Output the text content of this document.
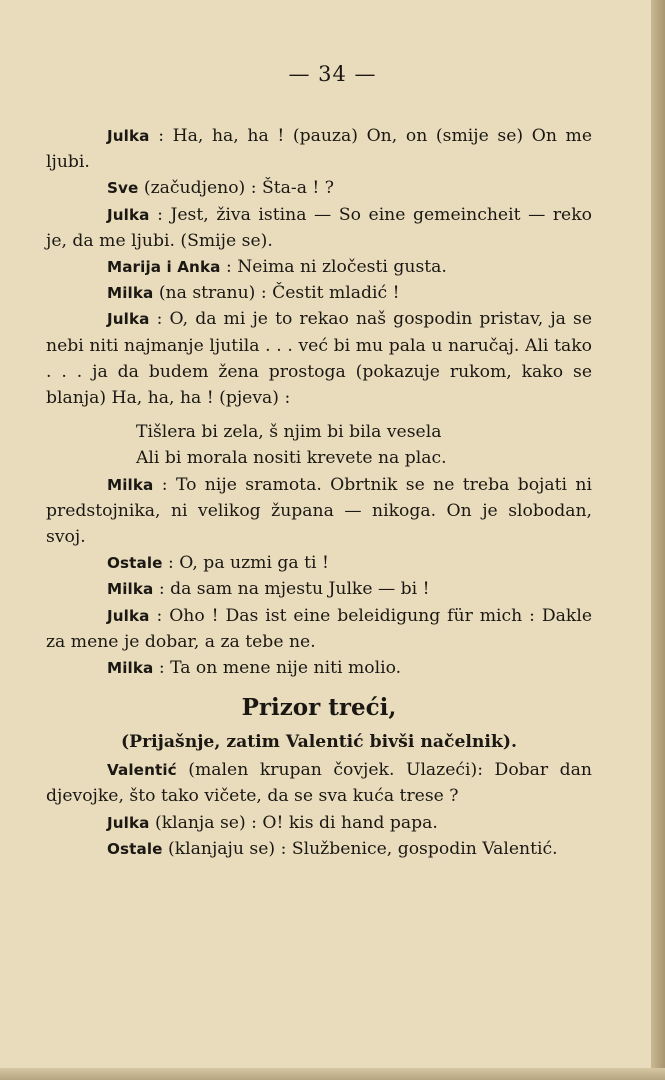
— 34 —

Julka : Ha, ha, ha ! (pauza) On, on (smije se) On me ljubi.

Sve (začudjeno) : Šta-a ! ?

Julka : Jest, živa istina — So eine gemeincheit — reko je, da me ljubi. (Smije se).

Marija i Anka : Neima ni zločesti gusta.

Milka (na stranu) : Čestit mladić !

Julka : O, da mi je to rekao naš gospodin pristav, ja se nebi niti najmanje ljutila . . . već bi mu pala u naručaj. Ali tako . . . ja da budem žena prostoga (pokazuje rukom, kako se blanja) Ha, ha, ha ! (pjeva) :

Tišlera bi zela, š njim bi bila vesela

Ali bi morala nositi krevete na plac.

Milka : To nije sramota. Obrtnik se ne treba bojati ni predstojnika, ni velikog župana — nikoga. On je slobodan, svoj.

Ostale : O, pa uzmi ga ti !

Milka : da sam na mjestu Julke — bi !

Julka : Oho ! Das ist eine beleidigung für mich : Dakle za mene je dobar, a za tebe ne.

Milka : Ta on mene nije niti molio.

Prizor treći,

(Prijašnje, zatim Valentić bivši načelnik).

Valentić (malen krupan čovjek. Ulazeći): Dobar dan djevojke, što tako vičete, da se sva kuća trese ?

Julka (klanja se) : O! kis di hand papa.

Ostale (klanjaju se) : Službenice, gospodin Valentić.
